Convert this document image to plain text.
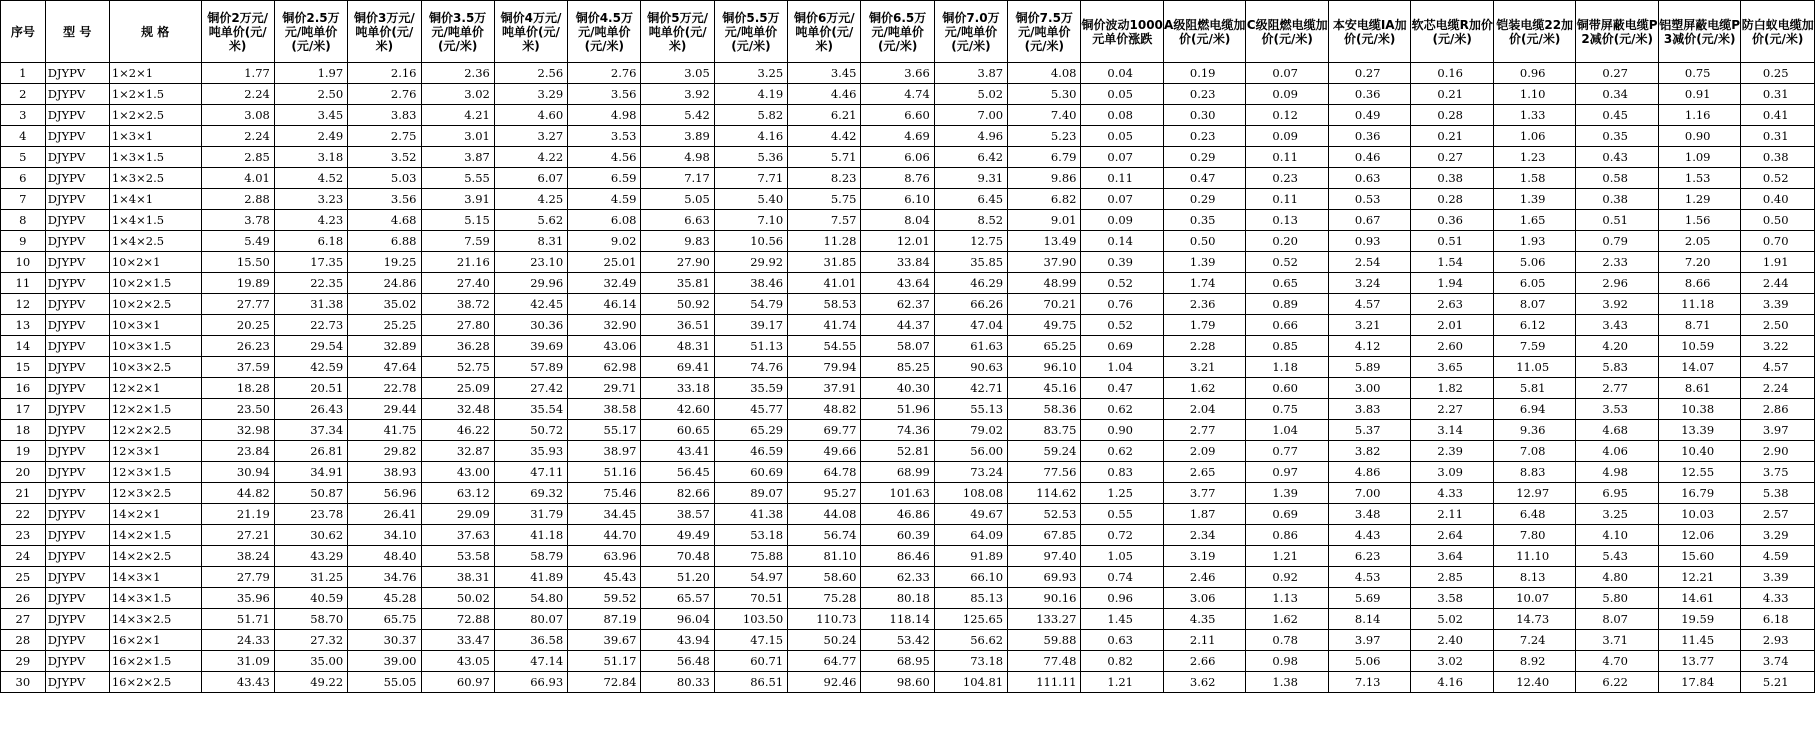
序号	型 号	规 格	铜价2万元/吨单价(元/米)	铜价2.5万元/吨单价(元/米)	铜价3万元/吨单价(元/米)	铜价3.5万元/吨单价(元/米)	铜价4万元/吨单价(元/米)	铜价4.5万元/吨单价(元/米)	铜价5万元/吨单价(元/米)	铜价5.5万元/吨单价(元/米)	铜价6万元/吨单价(元/米)	铜价6.5万元/吨单价(元/米)	铜价7.0万元/吨单价(元/米)	铜价7.5万元/吨单价(元/米)	铜价波动1000元单价涨跌	A级阻燃电缆加价(元/米)	C级阻燃电缆加价(元/米)	本安电缆IA加价(元/米)	软芯电缆R加价(元/米)	铠装电缆22加价(元/米)	铜带屏蔽电缆P2减价(元/米)	铝塑屏蔽电缆P3减价(元/米)	防白蚁电缆加价(元/米)
1	DJYPV	1×2×1	1.77	1.97	2.16	2.36	2.56	2.76	3.05	3.25	3.45	3.66	3.87	4.08	0.04	0.19	0.07	0.27	0.16	0.96	0.27	0.75	0.25
2	DJYPV	1×2×1.5	2.24	2.50	2.76	3.02	3.29	3.56	3.92	4.19	4.46	4.74	5.02	5.30	0.05	0.23	0.09	0.36	0.21	1.10	0.34	0.91	0.31
3	DJYPV	1×2×2.5	3.08	3.45	3.83	4.21	4.60	4.98	5.42	5.82	6.21	6.60	7.00	7.40	0.08	0.30	0.12	0.49	0.28	1.33	0.45	1.16	0.41
4	DJYPV	1×3×1	2.24	2.49	2.75	3.01	3.27	3.53	3.89	4.16	4.42	4.69	4.96	5.23	0.05	0.23	0.09	0.36	0.21	1.06	0.35	0.90	0.31
5	DJYPV	1×3×1.5	2.85	3.18	3.52	3.87	4.22	4.56	4.98	5.36	5.71	6.06	6.42	6.79	0.07	0.29	0.11	0.46	0.27	1.23	0.43	1.09	0.38
6	DJYPV	1×3×2.5	4.01	4.52	5.03	5.55	6.07	6.59	7.17	7.71	8.23	8.76	9.31	9.86	0.11	0.47	0.23	0.63	0.38	1.58	0.58	1.53	0.52
7	DJYPV	1×4×1	2.88	3.23	3.56	3.91	4.25	4.59	5.05	5.40	5.75	6.10	6.45	6.82	0.07	0.29	0.11	0.53	0.28	1.39	0.38	1.29	0.40
8	DJYPV	1×4×1.5	3.78	4.23	4.68	5.15	5.62	6.08	6.63	7.10	7.57	8.04	8.52	9.01	0.09	0.35	0.13	0.67	0.36	1.65	0.51	1.56	0.50
9	DJYPV	1×4×2.5	5.49	6.18	6.88	7.59	8.31	9.02	9.83	10.56	11.28	12.01	12.75	13.49	0.14	0.50	0.20	0.93	0.51	1.93	0.79	2.05	0.70
10	DJYPV	10×2×1	15.50	17.35	19.25	21.16	23.10	25.01	27.90	29.92	31.85	33.84	35.85	37.90	0.39	1.39	0.52	2.54	1.54	5.06	2.33	7.20	1.91
11	DJYPV	10×2×1.5	19.89	22.35	24.86	27.40	29.96	32.49	35.81	38.46	41.01	43.64	46.29	48.99	0.52	1.74	0.65	3.24	1.94	6.05	2.96	8.66	2.44
12	DJYPV	10×2×2.5	27.77	31.38	35.02	38.72	42.45	46.14	50.92	54.79	58.53	62.37	66.26	70.21	0.76	2.36	0.89	4.57	2.63	8.07	3.92	11.18	3.39
13	DJYPV	10×3×1	20.25	22.73	25.25	27.80	30.36	32.90	36.51	39.17	41.74	44.37	47.04	49.75	0.52	1.79	0.66	3.21	2.01	6.12	3.43	8.71	2.50
14	DJYPV	10×3×1.5	26.23	29.54	32.89	36.28	39.69	43.06	48.31	51.13	54.55	58.07	61.63	65.25	0.69	2.28	0.85	4.12	2.60	7.59	4.20	10.59	3.22
15	DJYPV	10×3×2.5	37.59	42.59	47.64	52.75	57.89	62.98	69.41	74.76	79.94	85.25	90.63	96.10	1.04	3.21	1.18	5.89	3.65	11.05	5.83	14.07	4.57
16	DJYPV	12×2×1	18.28	20.51	22.78	25.09	27.42	29.71	33.18	35.59	37.91	40.30	42.71	45.16	0.47	1.62	0.60	3.00	1.82	5.81	2.77	8.61	2.24
17	DJYPV	12×2×1.5	23.50	26.43	29.44	32.48	35.54	38.58	42.60	45.77	48.82	51.96	55.13	58.36	0.62	2.04	0.75	3.83	2.27	6.94	3.53	10.38	2.86
18	DJYPV	12×2×2.5	32.98	37.34	41.75	46.22	50.72	55.17	60.65	65.29	69.77	74.36	79.02	83.75	0.90	2.77	1.04	5.37	3.14	9.36	4.68	13.39	3.97
19	DJYPV	12×3×1	23.84	26.81	29.82	32.87	35.93	38.97	43.41	46.59	49.66	52.81	56.00	59.24	0.62	2.09	0.77	3.82	2.39	7.08	4.06	10.40	2.90
20	DJYPV	12×3×1.5	30.94	34.91	38.93	43.00	47.11	51.16	56.45	60.69	64.78	68.99	73.24	77.56	0.83	2.65	0.97	4.86	3.09	8.83	4.98	12.55	3.75
21	DJYPV	12×3×2.5	44.82	50.87	56.96	63.12	69.32	75.46	82.66	89.07	95.27	101.63	108.08	114.62	1.25	3.77	1.39	7.00	4.33	12.97	6.95	16.79	5.38
22	DJYPV	14×2×1	21.19	23.78	26.41	29.09	31.79	34.45	38.57	41.38	44.08	46.86	49.67	52.53	0.55	1.87	0.69	3.48	2.11	6.48	3.25	10.03	2.57
23	DJYPV	14×2×1.5	27.21	30.62	34.10	37.63	41.18	44.70	49.49	53.18	56.74	60.39	64.09	67.85	0.72	2.34	0.86	4.43	2.64	7.80	4.10	12.06	3.29
24	DJYPV	14×2×2.5	38.24	43.29	48.40	53.58	58.79	63.96	70.48	75.88	81.10	86.46	91.89	97.40	1.05	3.19	1.21	6.23	3.64	11.10	5.43	15.60	4.59
25	DJYPV	14×3×1	27.79	31.25	34.76	38.31	41.89	45.43	51.20	54.97	58.60	62.33	66.10	69.93	0.74	2.46	0.92	4.53	2.85	8.13	4.80	12.21	3.39
26	DJYPV	14×3×1.5	35.96	40.59	45.28	50.02	54.80	59.52	65.57	70.51	75.28	80.18	85.13	90.16	0.96	3.06	1.13	5.69	3.58	10.07	5.80	14.61	4.33
27	DJYPV	14×3×2.5	51.71	58.70	65.75	72.88	80.07	87.19	96.04	103.50	110.73	118.14	125.65	133.27	1.45	4.35	1.62	8.14	5.02	14.73	8.07	19.59	6.18
28	DJYPV	16×2×1	24.33	27.32	30.37	33.47	36.58	39.67	43.94	47.15	50.24	53.42	56.62	59.88	0.63	2.11	0.78	3.97	2.40	7.24	3.71	11.45	2.93
29	DJYPV	16×2×1.5	31.09	35.00	39.00	43.05	47.14	51.17	56.48	60.71	64.77	68.95	73.18	77.48	0.82	2.66	0.98	5.06	3.02	8.92	4.70	13.77	3.74
30	DJYPV	16×2×2.5	43.43	49.22	55.05	60.97	66.93	72.84	80.33	86.51	92.46	98.60	104.81	111.11	1.21	3.62	1.38	7.13	4.16	12.40	6.22	17.84	5.21
